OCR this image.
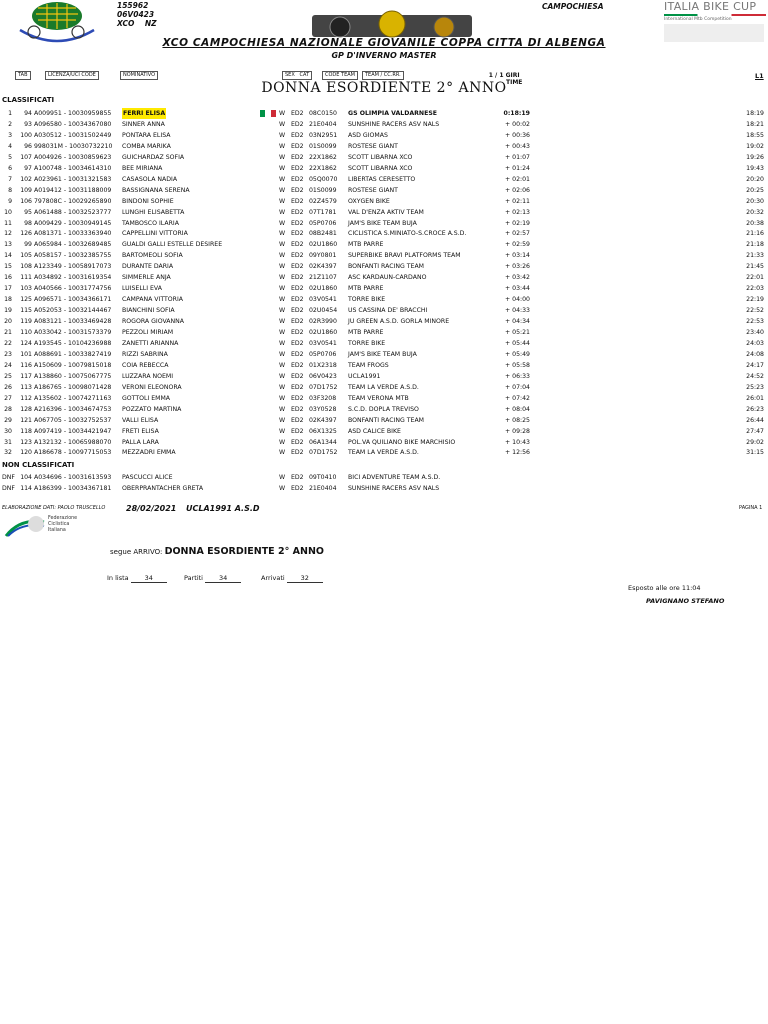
155962
06V0423
XCO NZ
CAMPOCHIESA	ITALIA BIKE CUP
International Mtb Competition
XCO CAMPOCHIESA NAZIONALE GIOVANILE COPPA CITTA DI ALBENGA
GP D'INVERNO MASTER
TAB	LICENZA/UCI CODE	NOMINATIVO	SEX CAT	CODE TEAM	TEAM / CC.RR.	1 / 1 GIRI
TIME
L1
DONNA ESORDIENTE 2° ANNO
CLASSIFICATI
1	94 A009951 - 10030959855 FERRI ELISA	W ED2 08C0150 GS OLIMPIA VALDARNESE	0:18:19	18:19
2	93 A096580 - 10034367080 SINNER ANNA	W ED2 21E0404 SUNSHINE RACERS ASV NALS	+ 00:02	18:21
3	100 A030512 - 10031502449 PONTARA ELISA	W ED2 03N2951 ASD GIOMAS	+ 00:36	18:55
4	96 998031M - 10030732210 COMBA MARIKA	W ED2 01S0099 ROSTESE GIANT	+ 00:43	19:02
5	107 A004926 - 10030859623 GUICHARDAZ SOFIA	W ED2 22X1862 SCOTT LIBARNA XCO	+ 01:07	19:26
6	97 A100748 - 10034614310 BEE MIRIANA	W ED2 22X1862 SCOTT LIBARNA XCO	+ 01:24	19:43
7	102 A023961 - 10031321583 CASASOLA NADIA	W ED2 05Q0070 LIBERTAS CERESETTO	+ 02:01	20:20
8	109 A019412 - 10031188009 BASSIGNANA SERENA	W ED2 01S0099 ROSTESE GIANT	+ 02:06	20:25
9	106 797808C - 10029265890 BINDONI SOPHIE	W ED2 02Z4579 OXYGEN BIKE	+ 02:11	20:30
10	95 A061488 - 10032523777 LUNGHI ELISABETTA	W ED2 07T1781 VAL D'ENZA AKTIV TEAM	+ 02:13	20:32
11	98 A009429 - 10030949145 TAMBOSCO ILARIA	W ED2 05P0706 JAM'S BIKE TEAM BUJA	+ 02:19	20:38
12	126 A081371 - 10033363940 CAPPELLINI VITTORIA	W ED2 08B2481 CICLISTICA S.MINIATO-S.CROCE A.S.D.	+ 02:57	21:16
13	99 A065984 - 10032689485 GUALDI GALLI ESTELLE DESIREE	W ED2 02U1860 MTB PARRE	+ 02:59	21:18
14	105 A058157 - 10032385755 BARTOMEOLI SOFIA	W ED2 09Y0801 SUPERBIKE BRAVI PLATFORMS TEAM	+ 03:14	21:33
15	108 A123349 - 10058917073 DURANTE DARIA	W ED2 02K4397 BONFANTI RACING TEAM	+ 03:26	21:45
16	111 A034892 - 10031619354 SIMMERLE ANJA	W ED2 21Z1107 ASC KARDAUN-CARDANO	+ 03:42	22:01
17	103 A040566 - 10031774756 LUISELLI EVA	W ED2 02U1860 MTB PARRE	+ 03:44	22:03
18	125 A096571 - 10034366171 CAMPANA VITTORIA	W ED2 03V0541 TORRE BIKE	+ 04:00	22:19
19	115 A052053 - 10032144467 BIANCHINI SOFIA	W ED2 02U0454 US CASSINA DE' BRACCHI	+ 04:33	22:52
20	119 A083121 - 10033469428 ROGORA GIOVANNA	W ED2 02R3990 JU GREEN A.S.D. GORLA MINORE	+ 04:34	22:53
21	110 A033042 - 10031573379 PEZZOLI MIRIAM	W ED2 02U1860 MTB PARRE	+ 05:21	23:40
22	124 A193545 - 10104236988 ZANETTI ARIANNA	W ED2 03V0541 TORRE BIKE	+ 05:44	24:03
23	101 A088691 - 10033827419 RIZZI SABRINA	W ED2 05P0706 JAM'S BIKE TEAM BUJA	+ 05:49	24:08
24	116 A150609 - 10079815018 COIA REBECCA	W ED2 01X2318 TEAM FROGS	+ 05:58	24:17
25	117 A138860 - 10075067775 LUZZARA NOEMI	W ED2 06V0423 UCLA1991	+ 06:33	24:52
26	113 A186765 - 10098071428 VERONI ELEONORA	W ED2 07D1752 TEAM LA VERDE A.S.D.	+ 07:04	25:23
27	112 A135602 - 10074271163 GOTTOLI EMMA	W ED2 03F3208 TEAM VERONA MTB	+ 07:42	26:01
28	128 A216396 - 10034674753 POZZATO MARTINA	W ED2 03Y0528 S.C.D. DOPLA TREVISO	+ 08:04	26:23
29	121 A067705 - 10032752537 VALLI ELISA	W ED2 02K4397 BONFANTI RACING TEAM	+ 08:25	26:44
30	118 A097419 - 10034421947 FRETI ELISA	W ED2 06X1325 ASD CALICE BIKE	+ 09:28	27:47
31	123 A132132 - 10065988070 PALLA LARA	W ED2 06A1344 POL.VA QUILIANO BIKE MARCHISIO	+ 10:43	29:02
32	120 A186678 - 10097715053 MEZZADRI EMMA	W ED2 07D1752 TEAM LA VERDE A.S.D.	+ 12:56	31:15
NON CLASSIFICATI
DNF 104 A034696 - 10031613593 PASCUCCI ALICE	W ED2 09T0410 BICI ADVENTURE TEAM A.S.D.
DNF 114 A186399 - 10034367181 OBERPRANTACHER GRETA	W ED2 21E0404 SUNSHINE RACERS ASV NALS
ELABORAZIONE DATI: PAOLO TRUSCELLO	28/02/2021 UCLA1991 A.S.D	PAGINA 1
Federazione
Ciclistica
Italiana
segue ARRIVO: DONNA ESORDIENTE 2° ANNO
In lista 34	Partiti 34	Arrivati 32
Esposto alle ore 11:04
PAVIGNANO STEFANO
